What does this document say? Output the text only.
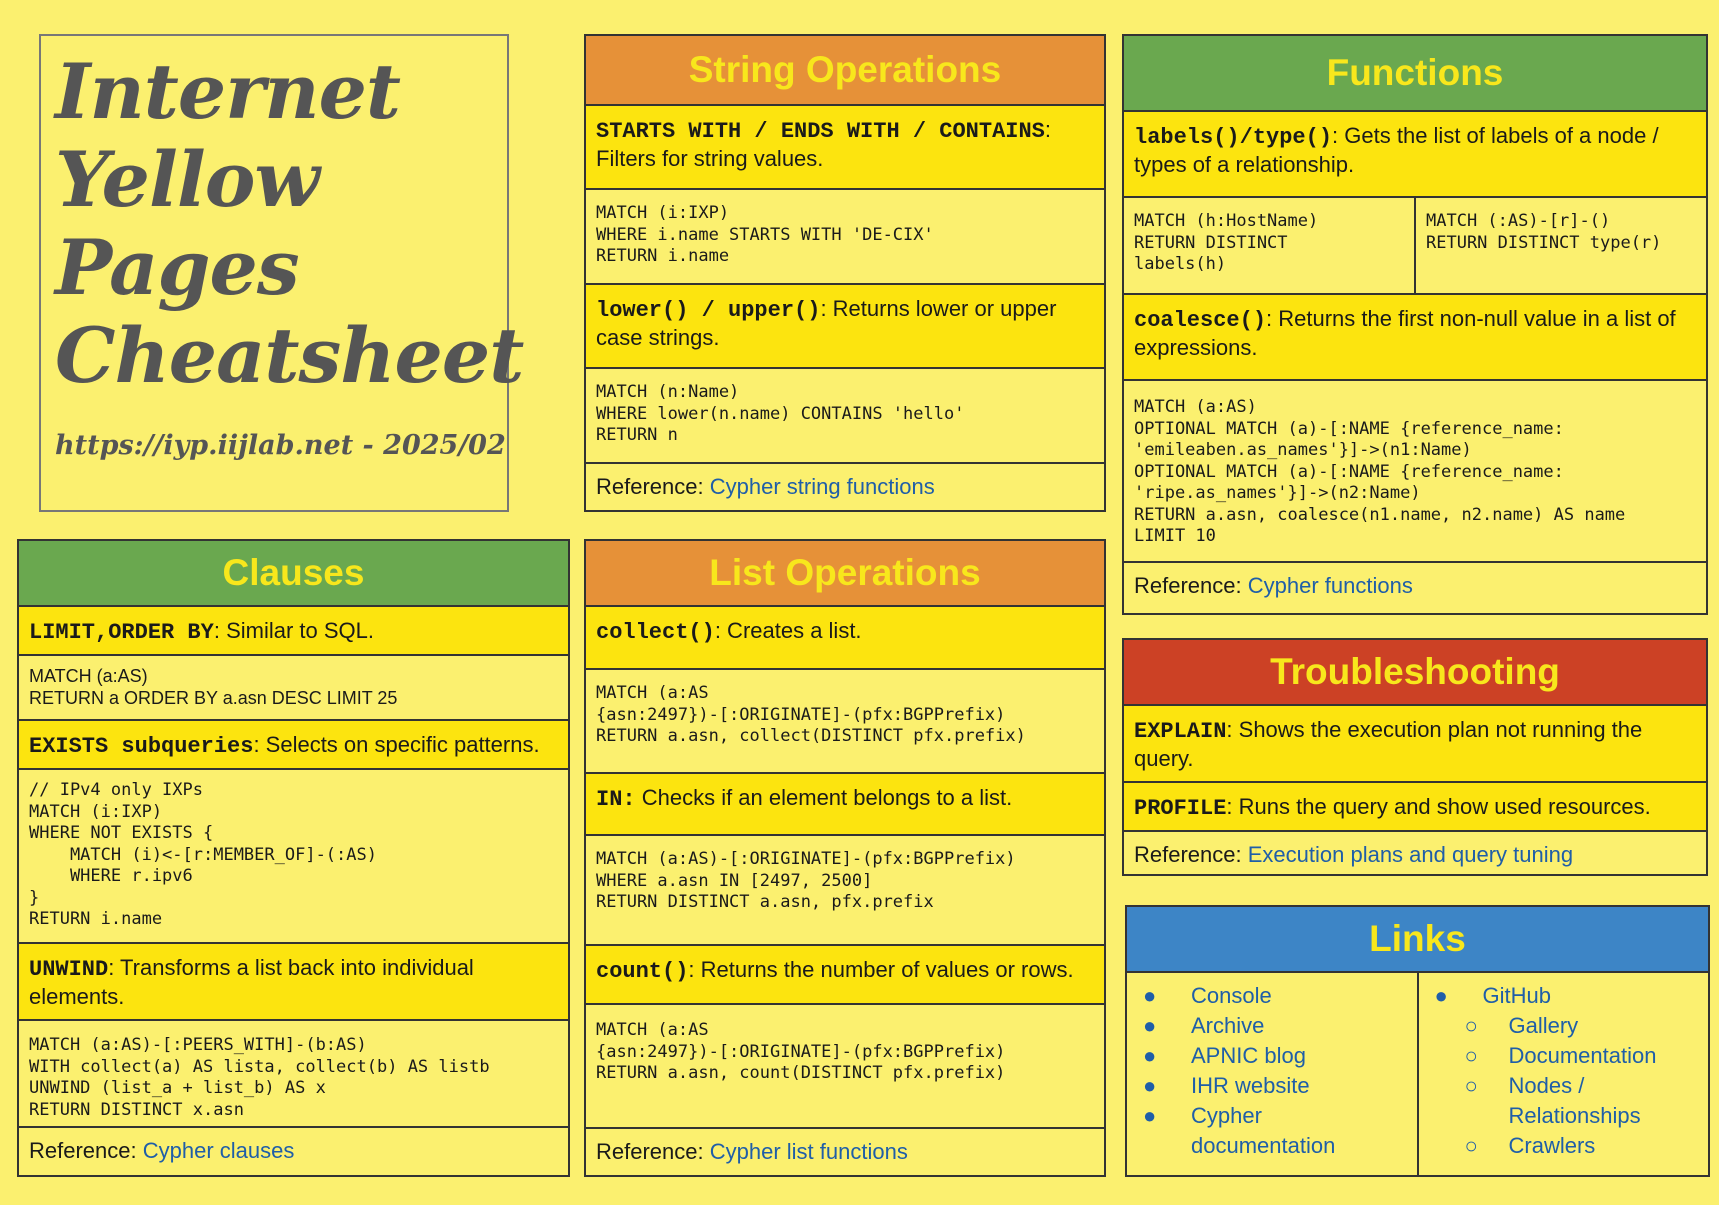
Internet
Yellow
Pages
Cheatsheet
https://iyp.iijlab.net - 2025/02
String Operations
STARTS WITH / ENDS WITH / CONTAINS: Filters for string values.
MATCH (i:IXP)
WHERE i.name STARTS WITH 'DE-CIX'
RETURN i.name
lower() / upper(): Returns lower or upper case strings.
MATCH (n:Name)
WHERE lower(n.name) CONTAINS 'hello'
RETURN n
Reference: Cypher string functions
Functions
labels()/type(): Gets the list of labels of a node / types of a relationship.
MATCH (h:HostName)
RETURN DISTINCT
labels(h)
MATCH (:AS)-[r]-()
RETURN DISTINCT type(r)
coalesce(): Returns the first non-null value in a list of expressions.
MATCH (a:AS)
OPTIONAL MATCH (a)-[:NAME {reference_name:
'emileaben.as_names'}]->(n1:Name)
OPTIONAL MATCH (a)-[:NAME {reference_name:
'ripe.as_names'}]->(n2:Name)
RETURN a.asn, coalesce(n1.name, n2.name) AS name
LIMIT 10
Reference: Cypher functions
Clauses
LIMIT,ORDER BY: Similar to SQL.
MATCH (a:AS)
RETURN a ORDER BY a.asn DESC LIMIT 25
EXISTS subqueries: Selects on specific patterns.
// IPv4 only IXPs
MATCH (i:IXP)
WHERE NOT EXISTS {
MATCH (i)<-[r:MEMBER_OF]-(:AS)
WHERE r.ipv6
}
RETURN i.name
UNWIND: Transforms a list back into individual elements.
MATCH (a:AS)-[:PEERS_WITH]-(b:AS)
WITH collect(a) AS lista, collect(b) AS listb
UNWIND (list_a + list_b) AS x
RETURN DISTINCT x.asn
Reference: Cypher clauses
List Operations
collect(): Creates a list.
MATCH (a:AS
{asn:2497})-[:ORIGINATE]-(pfx:BGPPrefix)
RETURN a.asn, collect(DISTINCT pfx.prefix)
IN: Checks if an element belongs to a list.
MATCH (a:AS)-[:ORIGINATE]-(pfx:BGPPrefix)
WHERE a.asn IN [2497, 2500]
RETURN DISTINCT a.asn, pfx.prefix
count(): Returns the number of values or rows.
MATCH (a:AS
{asn:2497})-[:ORIGINATE]-(pfx:BGPPrefix)
RETURN a.asn, count(DISTINCT pfx.prefix)
Reference: Cypher list functions
Troubleshooting
EXPLAIN: Shows the execution plan not running the query.
PROFILE: Runs the query and show used resources.
Reference: Execution plans and query tuning
Links
●	Console
●	Archive
●	APNIC blog
●	IHR website
●	Cypher documentation
●	GitHub
○	Gallery
○	Documentation
○	Nodes / Relationships
○	Crawlers
